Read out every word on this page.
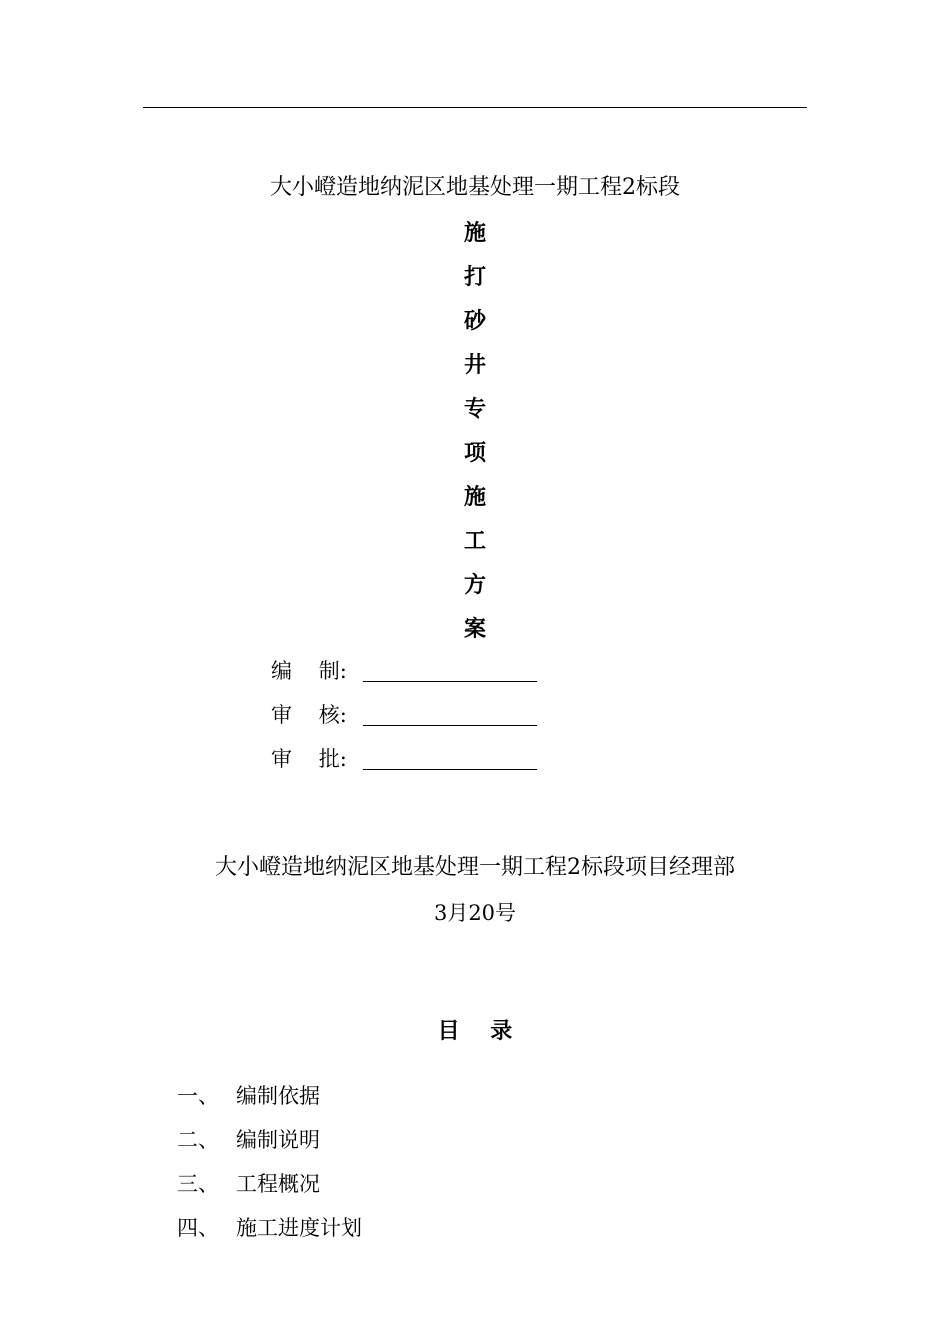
大小嶝造地纳泥区地基处理一期工程2标段
施
打
砂
井
专
项
施
工
方
案
编    制:
审    核:
审    批:
大小嶝造地纳泥区地基处理一期工程2标段项目经理部
3月20号
目    录
一、 编制依据
二、 编制说明
三、 工程概况
四、 施工进度计划
